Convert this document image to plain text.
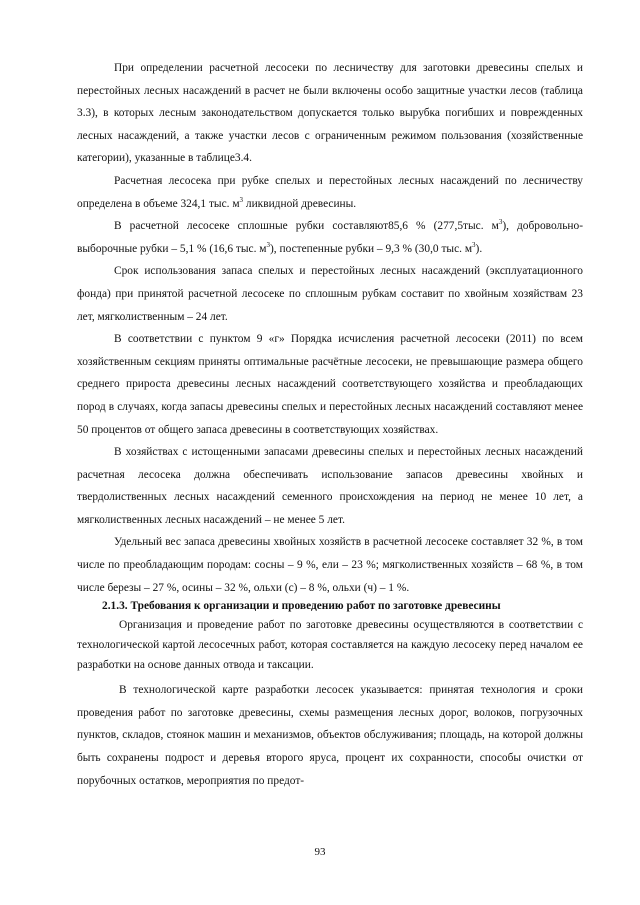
При определении расчетной лесосеки по лесничеству для заготовки древесины спелых и перестойных лесных насаждений в расчет не были включены особо защитные участки лесов (таблица 3.3), в которых лесным законодательством допускается только вырубка погибших и поврежденных лесных насаждений, а также участки лесов с ограниченным режимом пользования (хозяйственные категории), указанные в таблице3.4.

Расчетная лесосека при рубке спелых и перестойных лесных насаждений по лесничеству определена в объеме 324,1 тыс. $м^3$ ликвидной древесины.

В расчетной лесосеке сплошные рубки составляют85,6 % (277,5тыс. $м^3$), добровольно-выборочные рубки – 5,1 % (16,6 тыс. $м^3$), постепенные рубки – 9,3 % (30,0 тыс. $м^3$).

Срок использования запаса спелых и перестойных лесных насаждений (эксплуатационного фонда) при принятой расчетной лесосеке по сплошным рубкам составит по хвойным хозяйствам 23 лет, мягколиственным – 24 лет.

В соответствии с пунктом 9 «г» Порядка исчисления расчетной лесосеки (2011) по всем хозяйственным секциям приняты оптимальные расчётные лесосеки, не превышающие размера общего среднего прироста древесины лесных насаждений соответствующего хозяйства и преобладающих пород в случаях, когда запасы древесины спелых и перестойных лесных насаждений составляют менее 50 процентов от общего запаса древесины в соответствующих хозяйствах.

В хозяйствах с истощенными запасами древесины спелых и перестойных лесных насаждений расчетная лесосека должна обеспечивать использование запасов древесины хвойных и твердолиственных лесных насаждений семенного происхождения на период не менее 10 лет, а мягколиственных лесных насаждений – не менее 5 лет.

Удельный вес запаса древесины хвойных хозяйств в расчетной лесосеке составляет 32 %, в том числе по преобладающим породам: сосны – 9 %, ели – 23 %; мягколиственных хозяйств – 68 %, в том числе березы – 27 %, осины – 32 %, ольхи (с) – 8 %, ольхи (ч) – 1 %.

2.1.3. Требования к организации и проведению работ по заготовке древесины

Организация и проведение работ по заготовке древесины осуществляются в соответствии с технологической картой лесосечных работ, которая составляется на каждую лесосеку перед началом ее разработки на основе данных отвода и таксации.

В технологической карте разработки лесосек указывается: принятая технология и сроки проведения работ по заготовке древесины, схемы размещения лесных дорог, волоков, погрузочных пунктов, складов, стоянок машин и механизмов, объектов обслуживания; площадь, на которой должны быть сохранены подрост и деревья второго яруса, процент их сохранности, способы очистки от порубочных остатков, мероприятия по предот-

93
